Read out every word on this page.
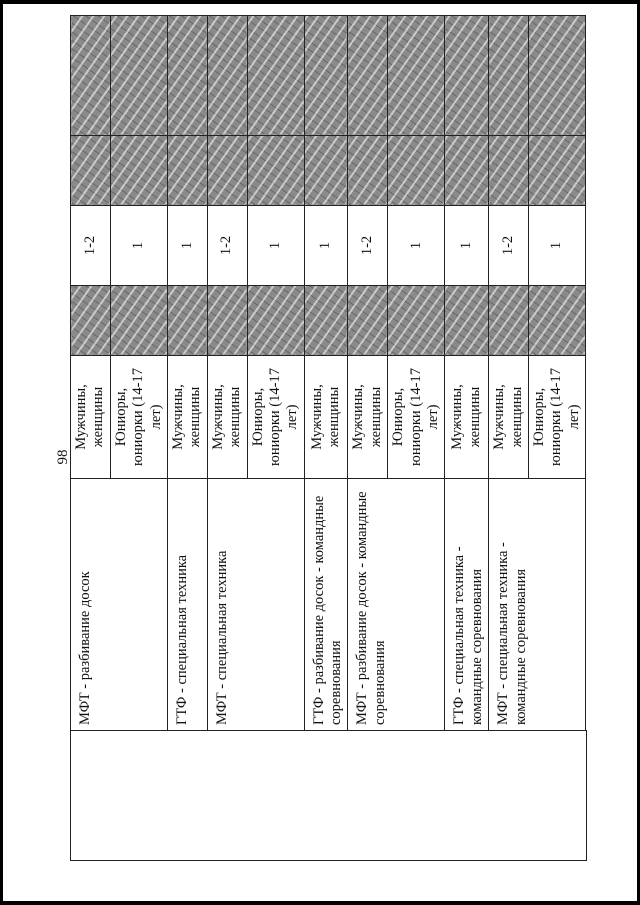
98
	МФТ - разбивание досок	Мужчины, женщины		1-2		
		Юниоры, юниорки (14-17 лет)		1		
	ГТФ - специальная техника	Мужчины, женщины		1		
	МФТ - специальная техника	Мужчины, женщины		1-2		
		Юниоры, юниорки (14-17 лет)		1		
	ГТФ - разбивание досок - командные соревнования	Мужчины, женщины		1		
	МФТ - разбивание досок - командные соревнования	Мужчины, женщины		1-2		
		Юниоры, юниорки (14-17 лет)		1		
	ГТФ - специальная техника - командные соревнования	Мужчины, женщины		1		
	МФТ - специальная техника - командные соревнования	Мужчины, женщины		1-2		
		Юниоры, юниорки (14-17 лет)		1		
